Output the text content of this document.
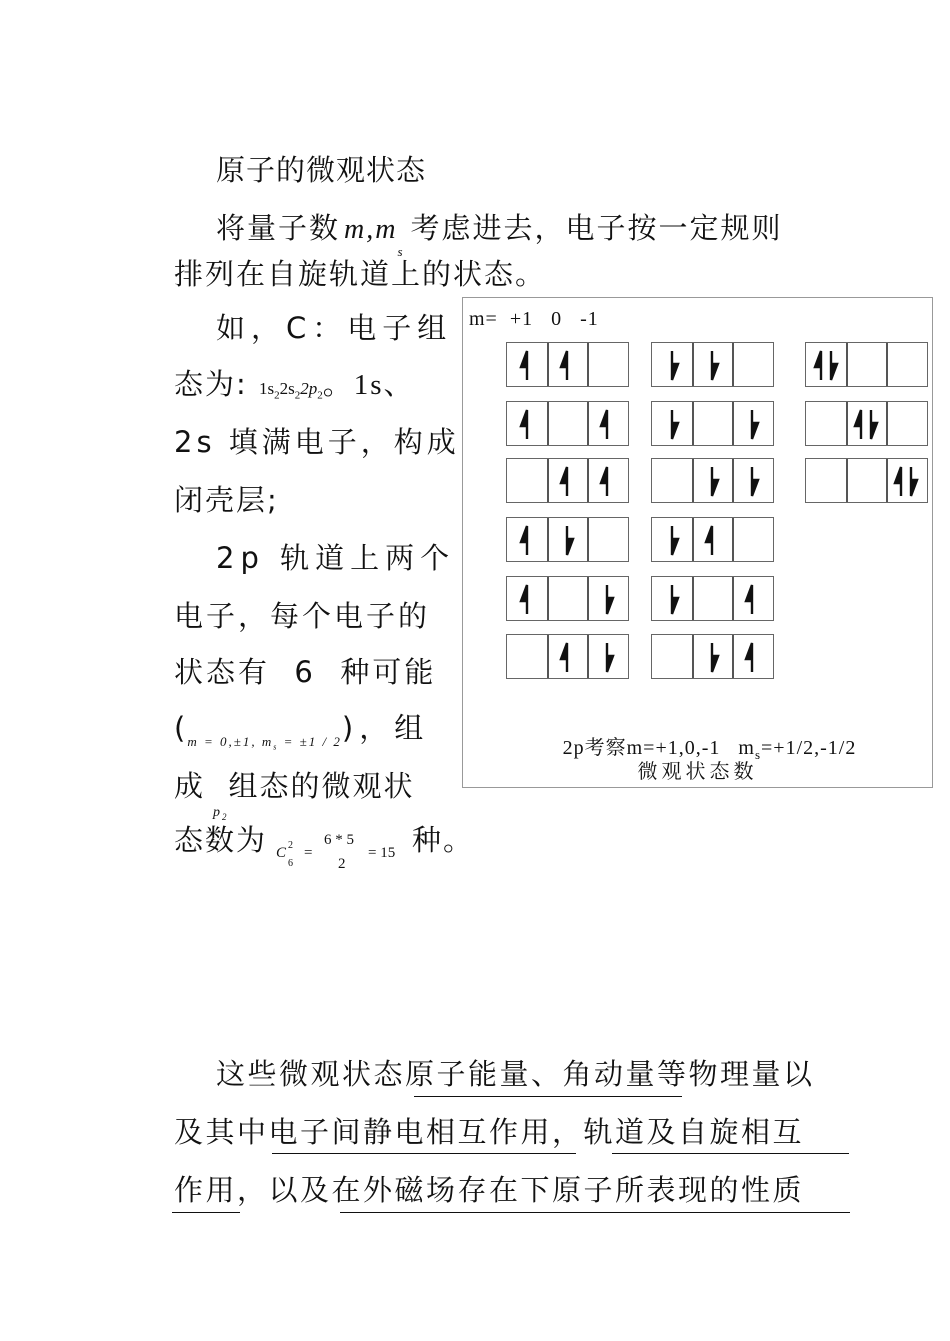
原子的微观状态
将量子数 $m,m_s$考虑进去，电子按一定规则
排列在自旋轨道上的状态。
如，C：电子组
态为: $1s_22s_22p_2$。1s、
2s 填满电子，构成
闭壳层;
2p 轨道上两个
电子，每个电子的
状态有  6  种可能
$(_{m = 0,\pm 1, m_s = \pm 1 / 2})$，组
成$_{p_2}$组态的微观状
态数为 C 2
6
=
6 * 5
2
= 15 种。
m=  +1   0   -1

2p考察m=+1,0,-1   $m_s=+1/2,-1/2$

微观状态数
这些微观状态原子能量、角动量等物理量以
及其中电子间静电相互作用，轨道及自旋相互
作用，以及在外磁场存在下原子所表现的性质
